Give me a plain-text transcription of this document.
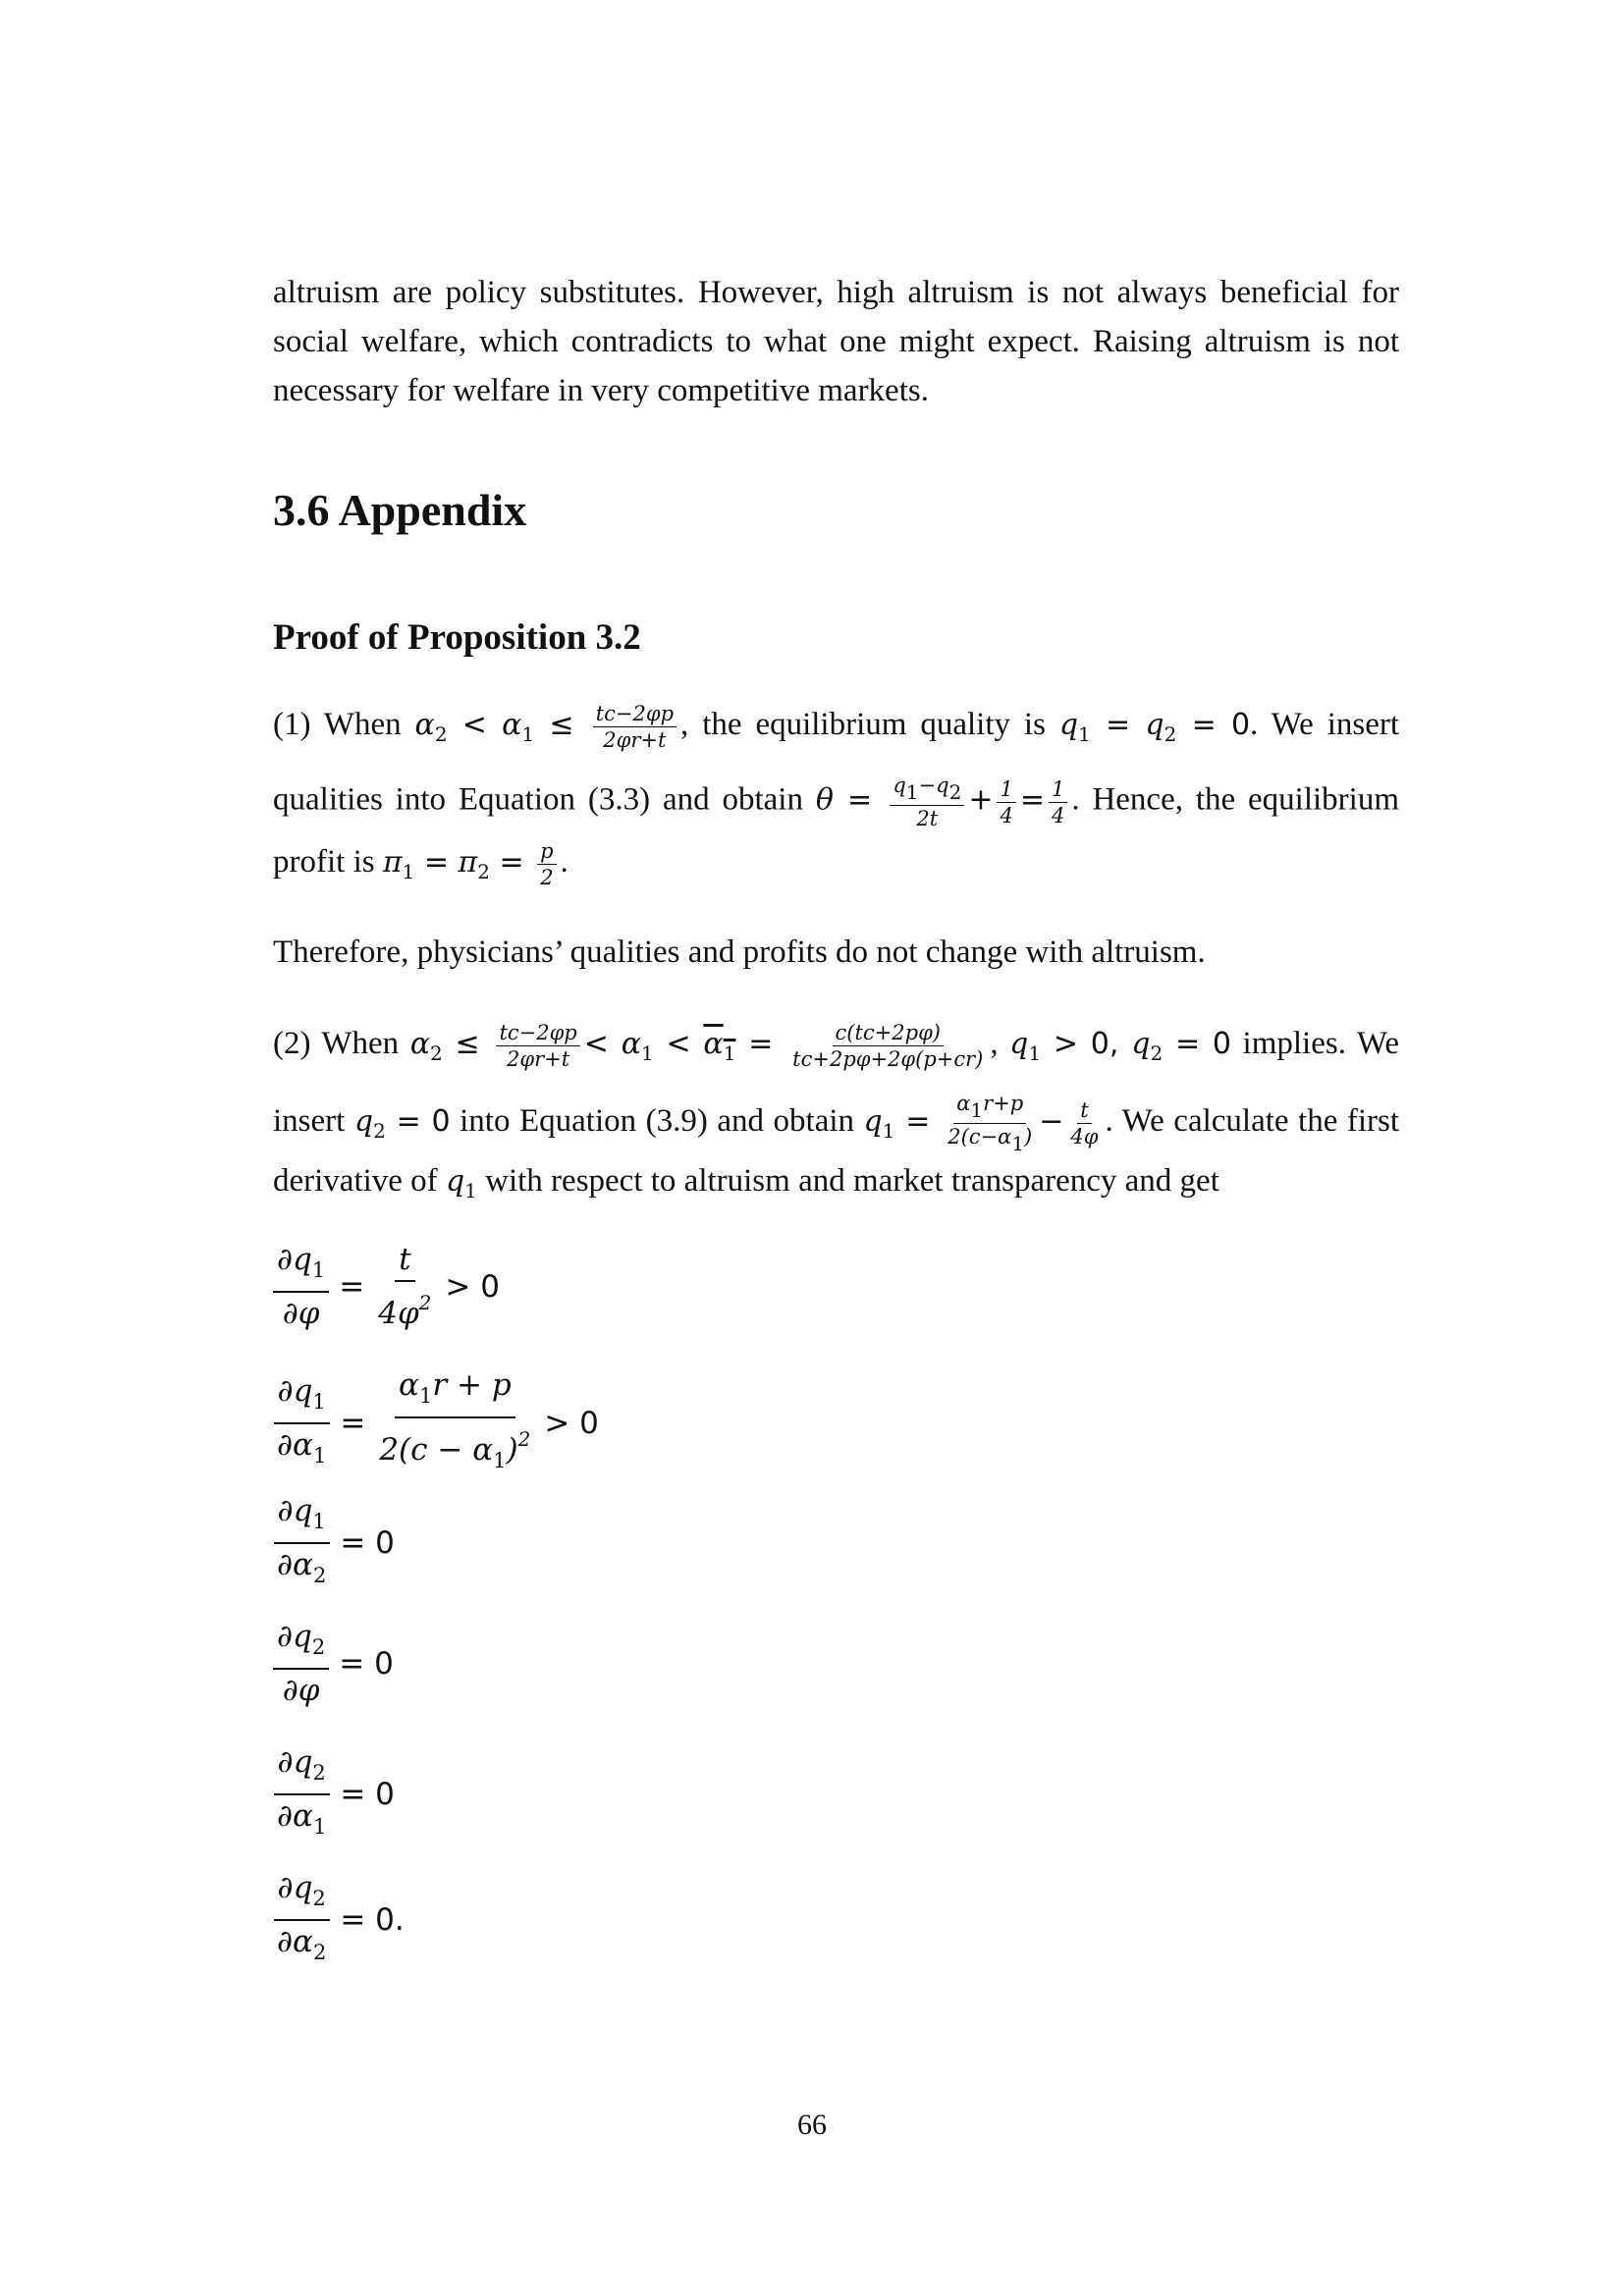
altruism are policy substitutes. However, high altruism is not always beneficial for
social welfare, which contradicts to what one might expect. Raising altruism is not
necessary for welfare in very competitive markets.
3.6 Appendix
Proof of Proposition 3.2
(1) When $\alpha_2 < \alpha_1 \le \frac{tc-2\varphi p}{2\varphi r+t}$ , the equilibrium quality is $q_1 = q_2 = 0$. We insert
qualities into Equation (3.3) and obtain $\theta = \frac{q1-q2}{2t} + \frac{1}{4} = \frac{1}{4}$ . Hence, the equilibrium
profit is $\pi_1 = \pi_2 = \frac{p}{2}$ .
Therefore, physicians’ qualities and profits do not change with altruism.
(2) When $\alpha_2 \le \frac{tc-2\varphi p}{2\varphi r+t} < \alpha_1 < \alpha_1 = \frac{c(tc+2p\varphi)}{tc+2p\varphi+2\varphi(p+cr)}$ , $q_1 > 0$, $q_2 = 0$ implies. We
insert $q_2 = 0$ into Equation (3.9) and obtain $q_1 = \frac{\alpha 1r+p}{2(c-\alpha 1)} - \frac{t}{4\varphi}$ . We calculate the first
derivative of $q_1$ with respect to altruism and market transparency and get
$\frac{\partial q_1}{\partial\varphi} = \frac{t}{4\varphi^2} > 0$
$\frac{\partial q_1}{\partial\alpha_1} = \frac{\alpha_1r + p}{2(c - \alpha_1)^2} > 0$
$\frac{\partial q_1}{\partial\alpha_2} = 0$
$\frac{\partial q_2}{\partial\varphi} = 0$
$\frac{\partial q_2}{\partial\alpha_1} = 0$
$\frac{\partial q_2}{\partial\alpha_2} = 0$.
66
